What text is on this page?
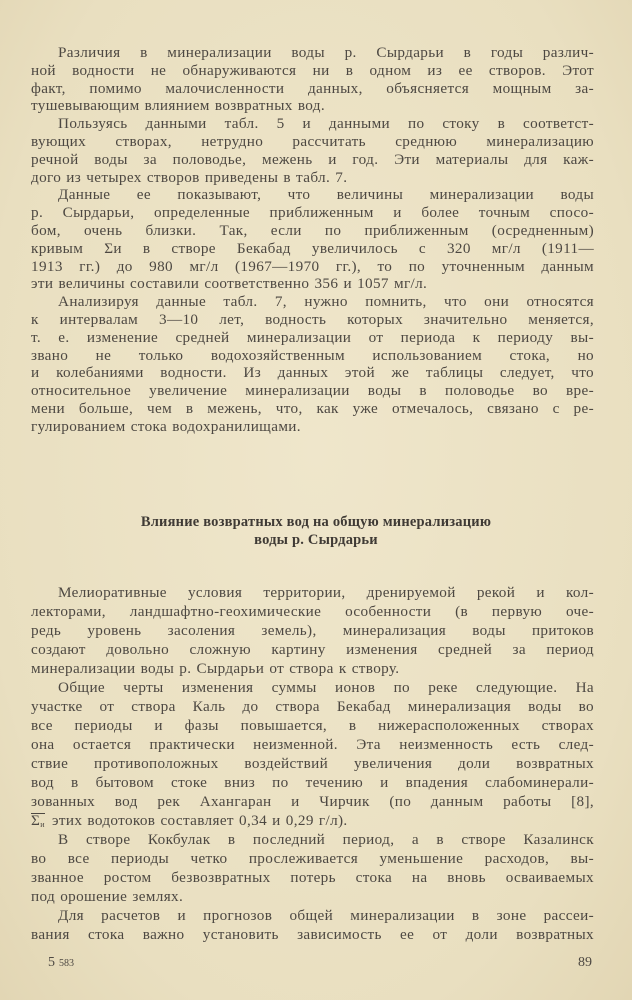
Различия в минерализации воды р. Сырдарьи в годы различ-
ной водности не обнаруживаются ни в одном из ее створов. Этот
факт, помимо малочисленности данных, объясняется мощным за-
тушевывающим влиянием возвратных вод.
Пользуясь данными табл. 5 и данными по стоку в соответст-
вующих створах, нетрудно рассчитать среднюю минерализацию
речной воды за половодье, межень и год. Эти материалы для каж-
дого из четырех створов приведены в табл. 7.
Данные ее показывают, что величины минерализации воды
р. Сырдарьи, определенные приближенным и более точным спосо-
бом, очень близки. Так, если по приближенным (осредненным)
кривым Σи в створе Бекабад увеличилось с 320 мг/л (1911—
1913 гг.) до 980 мг/л (1967—1970 гг.), то по уточненным данным
эти величины составили соответственно 356 и 1057 мг/л.
Анализируя данные табл. 7, нужно помнить, что они относятся
к интервалам 3—10 лет, водность которых значительно меняется,
т. е. изменение средней минерализации от периода к периоду вы-
звано не только водохозяйственным использованием стока, но
и колебаниями водности. Из данных этой же таблицы следует, что
относительное увеличение минерализации воды в половодье во вре-
мени больше, чем в межень, что, как уже отмечалось, связано с ре-
гулированием стока водохранилищами.
Влияние возвратных вод на общую минерализацию
воды р. Сырдарьи
Мелиоративные условия территории, дренируемой рекой и кол-
лекторами, ландшафтно-геохимические особенности (в первую оче-
редь уровень засоления земель), минерализация воды притоков
создают довольно сложную картину изменения средней за период
минерализации воды р. Сырдарьи от створа к створу.
Общие черты изменения суммы ионов по реке следующие. На
участке от створа Каль до створа Бекабад минерализация воды во
все периоды и фазы повышается, в нижерасположенных створах
она остается практически неизменной. Эта неизменность есть след-
ствие противоположных воздействий увеличения доли возвратных
вод в бытовом стоке вниз по течению и впадения слабоминерали-
зованных вод рек Ахангаран и Чирчик (по данным работы [8],
$\Sigma_и$ этих водотоков составляет 0,34 и 0,29 г/л).
В створе Кокбулак в последний период, а в створе Казалинск
во все периоды четко прослеживается уменьшение расходов, вы-
званное ростом безвозвратных потерь стока на вновь осваиваемых
под орошение землях.
Для расчетов и прогнозов общей минерализации в зоне рассеи-
вания стока важно установить зависимость ее от доли возвратных
5 583	89
